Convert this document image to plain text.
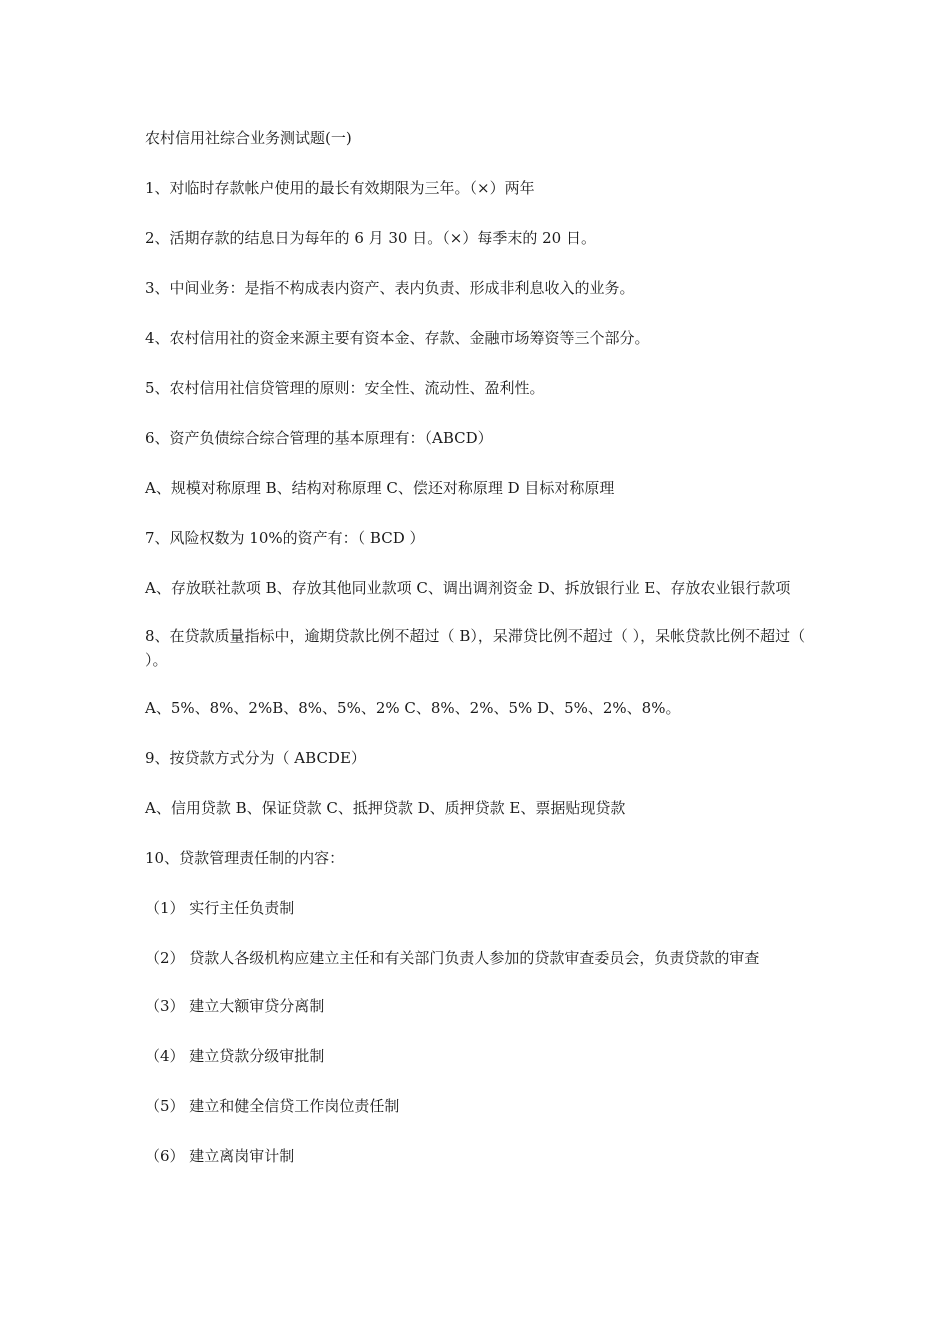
农村信用社综合业务测试题(一)

1、对临时存款帐户使用的最长有效期限为三年。（×）两年

2、活期存款的结息日为每年的 6 月 30 日。（×）每季末的 20 日。

3、中间业务：是指不构成表内资产、表内负责、形成非利息收入的业务。

4、农村信用社的资金来源主要有资本金、存款、金融市场筹资等三个部分。

5、农村信用社信贷管理的原则：安全性、流动性、盈利性。

6、资产负债综合综合管理的基本原理有：（ABCD）

A、规模对称原理 B、结构对称原理 C、偿还对称原理 D 目标对称原理

7、风险权数为 10%的资产有：（ BCD ）

A、存放联社款项 B、存放其他同业款项 C、调出调剂资金 D、拆放银行业 E、存放农业银行款项

8、在贷款质量指标中，逾期贷款比例不超过（ B），呆滞贷比例不超过（ ），呆帐贷款比例不超过（ ）。

A、5%、8%、2%B、8%、5%、2% C、8%、2%、5% D、5%、2%、8%。

9、按贷款方式分为（ ABCDE）

A、信用贷款 B、保证贷款 C、抵押贷款 D、质押贷款 E、票据贴现贷款

10、贷款管理责任制的内容：

（1） 实行主任负责制

（2） 贷款人各级机构应建立主任和有关部门负责人参加的贷款审查委员会，负责贷款的审查

（3） 建立大额审贷分离制

（4） 建立贷款分级审批制

（5） 建立和健全信贷工作岗位责任制

（6） 建立离岗审计制
